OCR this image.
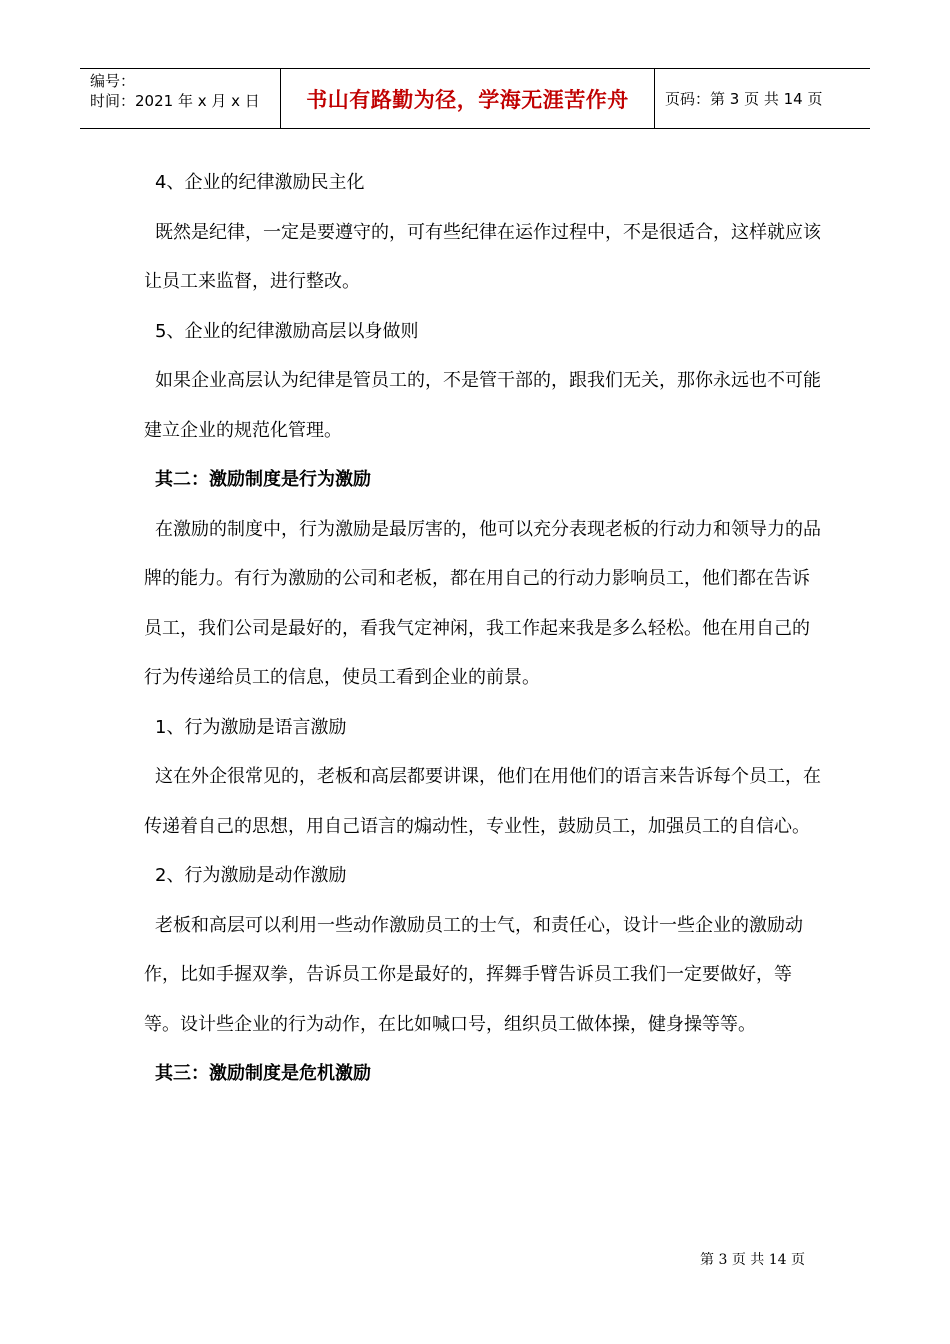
编号：
时间：2021 年 x 月 x 日	书山有路勤为径，学海无涯苦作舟 页码：第 3 页 共 14 页

4、企业的纪律激励民主化

既然是纪律，一定是要遵守的，可有些纪律在运作过程中，不是很适合，这样就应该让员工来监督，进行整改。

5、企业的纪律激励高层以身做则

如果企业高层认为纪律是管员工的，不是管干部的，跟我们无关，那你永远也不可能建立企业的规范化管理。

其二：激励制度是行为激励

在激励的制度中，行为激励是最厉害的，他可以充分表现老板的行动力和领导力的品牌的能力。有行为激励的公司和老板，都在用自己的行动力影响员工，他们都在告诉员工，我们公司是最好的，看我气定神闲，我工作起来我是多么轻松。他在用自己的行为传递给员工的信息，使员工看到企业的前景。

1、行为激励是语言激励

这在外企很常见的，老板和高层都要讲课，他们在用他们的语言来告诉每个员工，在传递着自己的思想，用自己语言的煽动性，专业性，鼓励员工，加强员工的自信心。

2、行为激励是动作激励

老板和高层可以利用一些动作激励员工的士气，和责任心，设计一些企业的激励动作，比如手握双拳，告诉员工你是最好的，挥舞手臂告诉员工我们一定要做好，等等。设计些企业的行为动作，在比如喊口号，组织员工做体操，健身操等等。

其三：激励制度是危机激励

第 3 页 共 14 页
